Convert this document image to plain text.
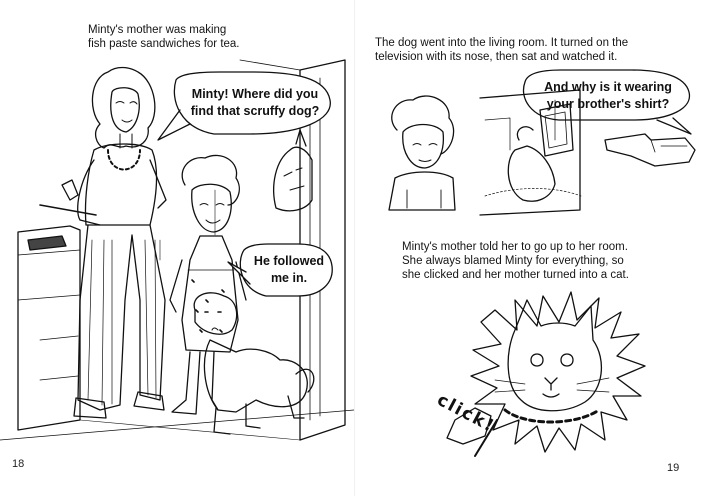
Minty's mother was making
fish paste sandwiches for tea.
Minty! Where did you
find that scruffy dog?
He followed
me in.
18
The dog went into the living room. It turned on the
television with its nose, then sat and watched it.
And why is it wearing
your brother's shirt?
Minty's mother told her to go up to her room.
She always blamed Minty for everything, so
she clicked and her mother turned into a cat.
click!
19
